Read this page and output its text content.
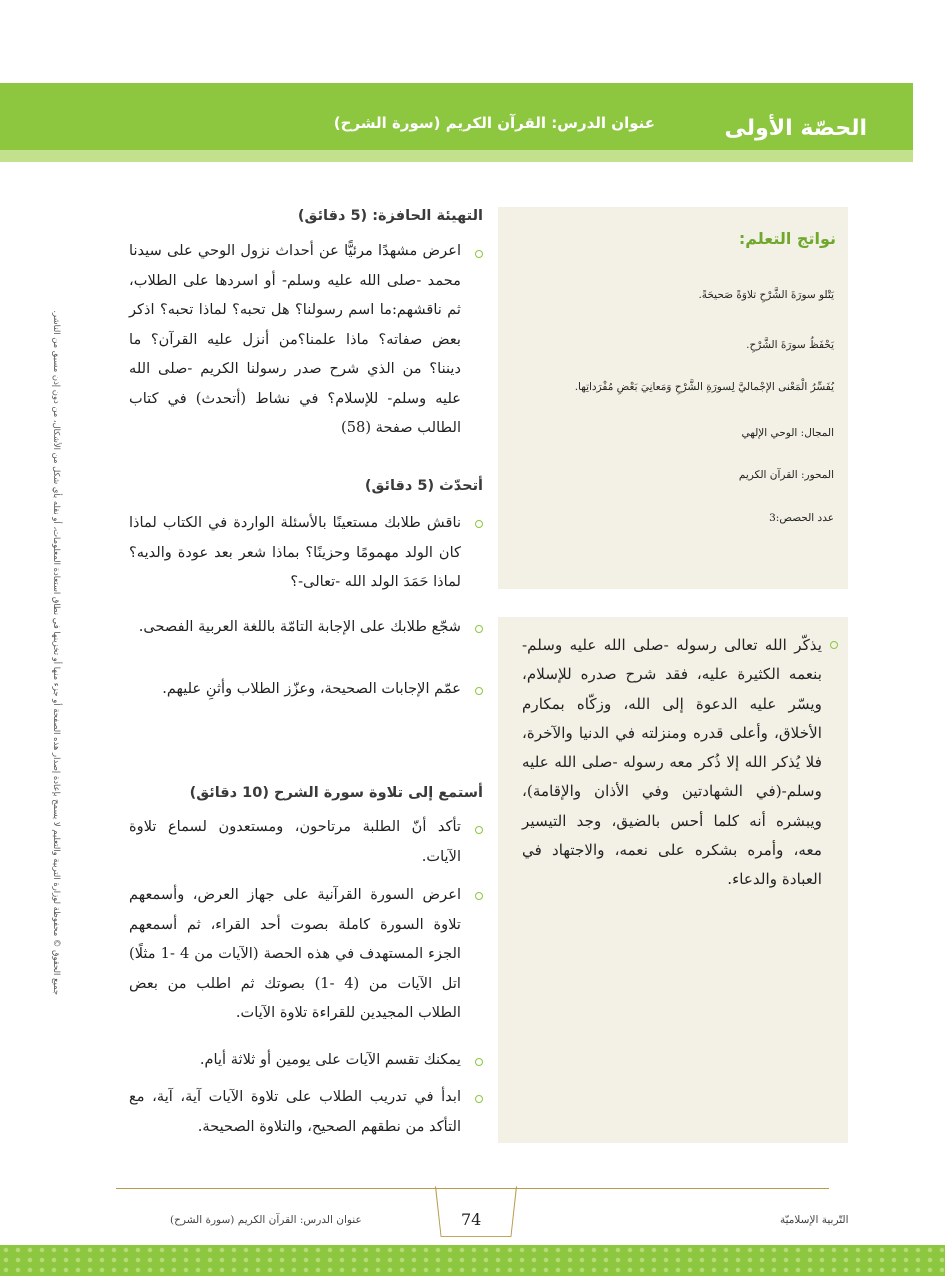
الحصّة الأولى
عنوان الدرس: القرآن الكريم (سورة الشرح)
جميع الحقوق © محفوظة لوزارة التربية والتعليم لا يسمح بإعادة إصدار هذه الصفحة أو جزء منها أو تخزينها في نطاق استعادة المعلومات، أو نقله بأي شكل من الأشكال، من دون إذن مسبق من الناشر.
نواتج التعلم:
يَتْلو سورَةَ الشَّرْحِ تلاوَةً صَحيحَةً.
يَحْفَظُ سورَةَ الشَّرْحِ.
يُفَسِّرُ الْمَعْنى الإجْماليَّ لِسورَةِ الشَّرْحِ وَمَعانِيَ بَعْضِ مُفْرَداتِها.
المجال: الوحي الإلهي
المحور: القرآن الكريم
عدد الحصص:3
يذكّر الله تعالى رسوله -صلى الله عليه وسلم- بنعمه الكثيرة عليه، فقد شرح صدره للإسلام، ويسّر عليه الدعوة إلى الله، وزكّاه بمكارم الأخلاق، وأعلى قدره ومنزلته في الدنيا والآخرة، فلا يُذكر الله إلا ذُكر معه رسوله -صلى الله عليه وسلم-(في الشهادتين وفي الأذان والإقامة)، ويبشره أنه كلما أحس بالضيق، وجد التيسير معه، وأمره بشكره على نعمه، والاجتهاد في العبادة والدعاء.
التهيئة الحافزة: (5 دقائق)
اعرض مشهدًا مرئيًّا عن أحداث نزول الوحي على سيدنا محمد -صلى الله عليه وسلم- أو اسردها على الطلاب، ثم ناقشهم:ما اسم رسولنا؟ هل تحبه؟ لماذا تحبه؟ اذكر بعض صفاته؟ ماذا علمنا؟من أنزل عليه القرآن؟ ما ديننا؟ من الذي شرح صدر رسولنا الكريم -صلى الله عليه وسلم- للإسلام؟ في نشاط (أتحدث) في كتاب الطالب صفحة (58)
أتحدّث (5 دقائق)
ناقش طلابك مستعينًا بالأسئلة الواردة في الكتاب لماذا كان الولد مهمومًا وحزينًا؟ بماذا شعر بعد عودة والديه؟ لماذا حَمَدَ الولد الله -تعالى-؟
شجّع طلابك على الإجابة التامّة باللغة العربية الفصحى.
عمّم الإجابات الصحيحة، وعزّز الطلاب وأثنِ عليهم.
أستمع إلى تلاوة سورة الشرح (10 دقائق)
تأكد أنّ الطلبة مرتاحون، ومستعدون لسماع تلاوة الآيات.
اعرض السورة القرآنية على جهاز العرض، وأسمعهم تلاوة السورة كاملة بصوت أحد القراء، ثم أسمعهم الجزء المستهدف في هذه الحصة (الآيات من 4 -1 مثلًا) اتل الآيات من (4 -1) بصوتك ثم اطلب من بعض الطلاب المجيدين للقراءة تلاوة الآيات.
يمكنك تقسم الآيات على يومين أو ثلاثة أيام.
ابدأ في تدريب الطلاب على تلاوة الآيات آية، آية، مع التأكد من نطقهم الصحيح، والتلاوة الصحيحة.
74
عنوان الدرس: القرآن الكريم (سورة الشرح)	التّربية الإسلاميّة
